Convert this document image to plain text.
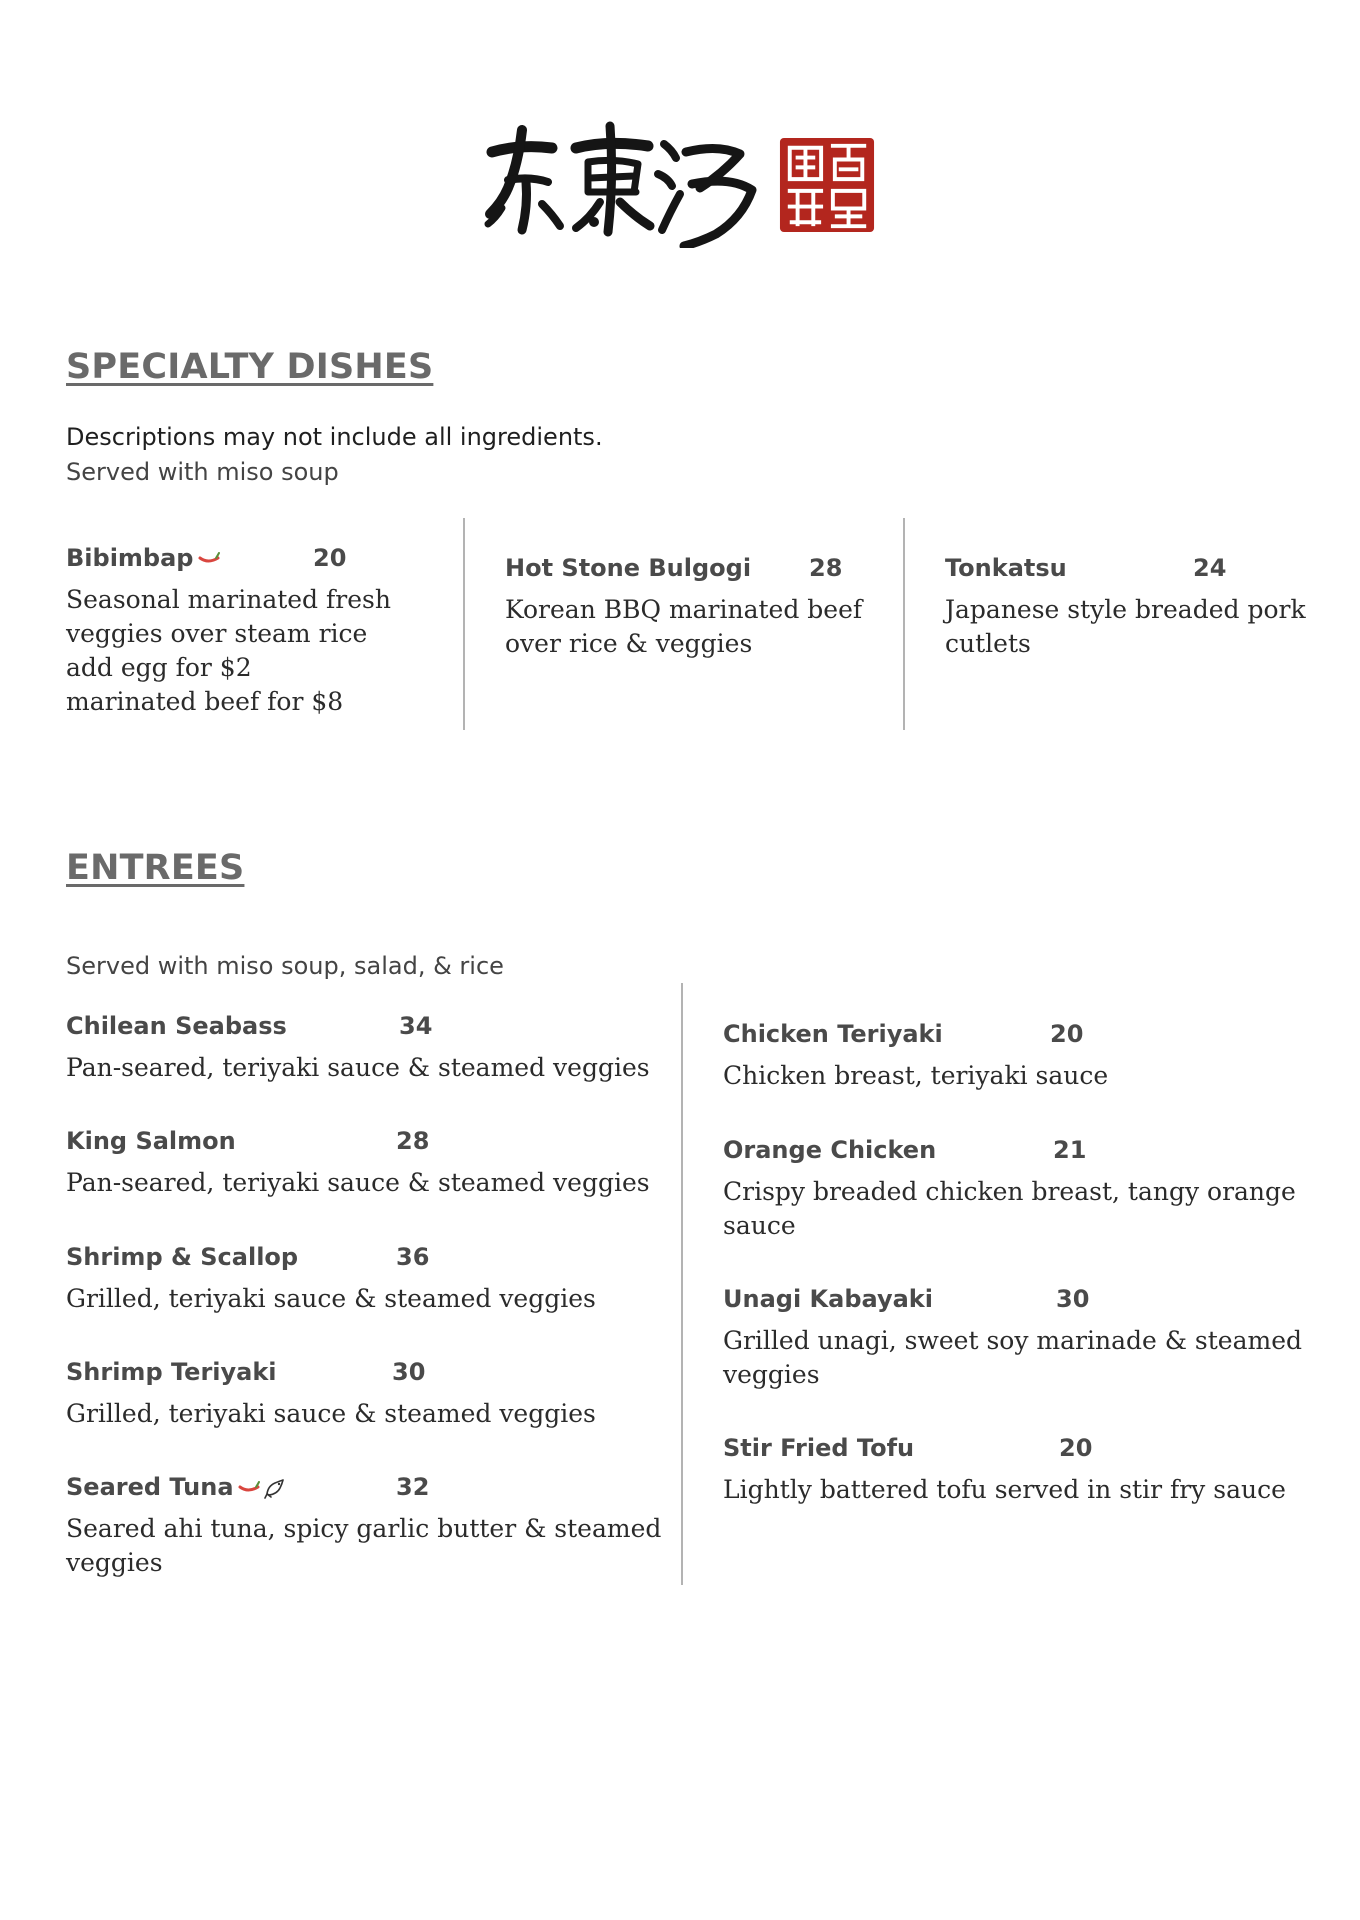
SPECIALTY DISHES

Descriptions may not include all ingredients.

Served with miso soup

Bibimbap	20

Seasonal marinated fresh
veggies over steam rice
add egg for $2
marinated beef for $8

Hot Stone Bulgogi 28

Korean BBQ marinated beef
over rice & veggies

Tonkatsu	24

Japanese style breaded pork
cutlets

ENTREES

Served with miso soup, salad, & rice

Chilean Seabass	34

Pan-seared, teriyaki sauce & steamed veggies

King Salmon	28

Pan-seared, teriyaki sauce & steamed veggies

Shrimp & Scallop	36

Grilled, teriyaki sauce & steamed veggies

Shrimp Teriyaki	30

Grilled, teriyaki sauce & steamed veggies

Seared Tuna	32

Seared ahi tuna, spicy garlic butter & steamed
veggies

Chicken Teriyaki	20

Chicken breast, teriyaki sauce

Orange Chicken	21

Crispy breaded chicken breast, tangy orange
sauce

Unagi Kabayaki	30

Grilled unagi, sweet soy marinade & steamed
veggies

Stir Fried Tofu	20

Lightly battered tofu served in stir fry sauce
